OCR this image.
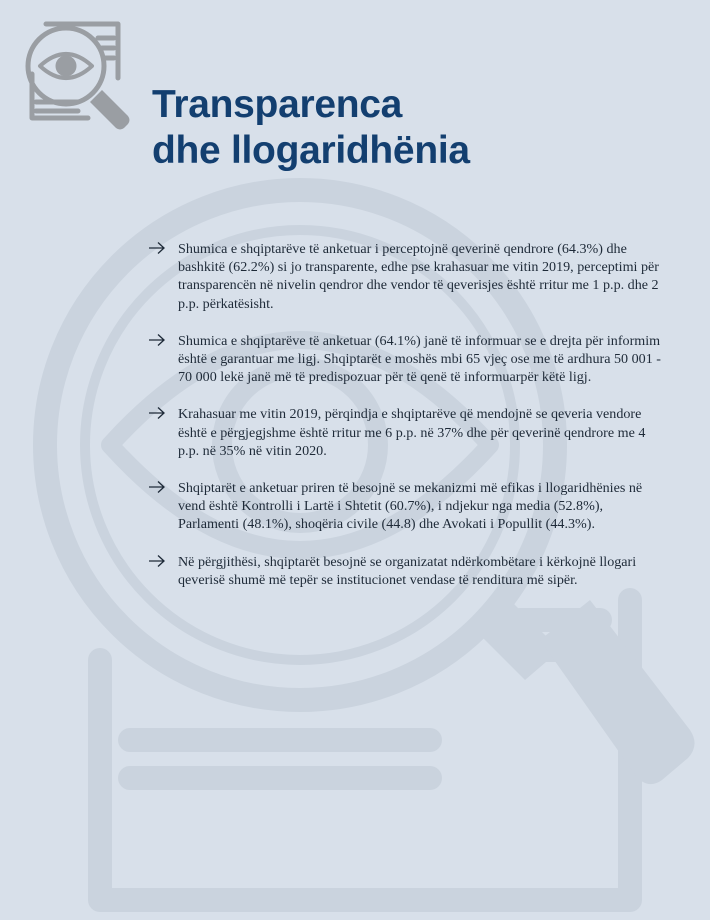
Transparenca
dhe llogaridhënia
Shumica e shqiptarëve të anketuar i perceptojnë qeverinë qendrore (64.3%) dhe bashkitë (62.2%) si jo transparente, edhe pse krahasuar me vitin 2019, perceptimi për transparencën në nivelin qendror dhe vendor të qeverisjes është rritur me 1 p.p. dhe 2 p.p. përkatësisht.
Shumica e shqiptarëve të anketuar (64.1%) janë të informuar se e drejta për informim është e garantuar me ligj. Shqiptarët e moshës mbi 65 vjeç ose me të ardhura 50 001 - 70 000 lekë janë më të predispozuar për të qenë të informuarpër këtë ligj.
Krahasuar me vitin 2019, përqindja e shqiptarëve që mendojnë se qeveria vendore është e përgjegjshme është rritur me 6 p.p. në 37% dhe për qeverinë qendrore me 4 p.p. në 35% në vitin 2020.
Shqiptarët e anketuar priren të besojnë se mekanizmi më efikas i llogaridhënies në vend është Kontrolli i Lartë i Shtetit (60.7%), i ndjekur nga media (52.8%), Parlamenti (48.1%), shoqëria civile (44.8) dhe Avokati i Popullit (44.3%).
Në përgjithësi, shqiptarët besojnë se organizatat ndërkombëtare i kërkojnë llogari qeverisë shumë më tepër se institucionet vendase të renditura më sipër.
